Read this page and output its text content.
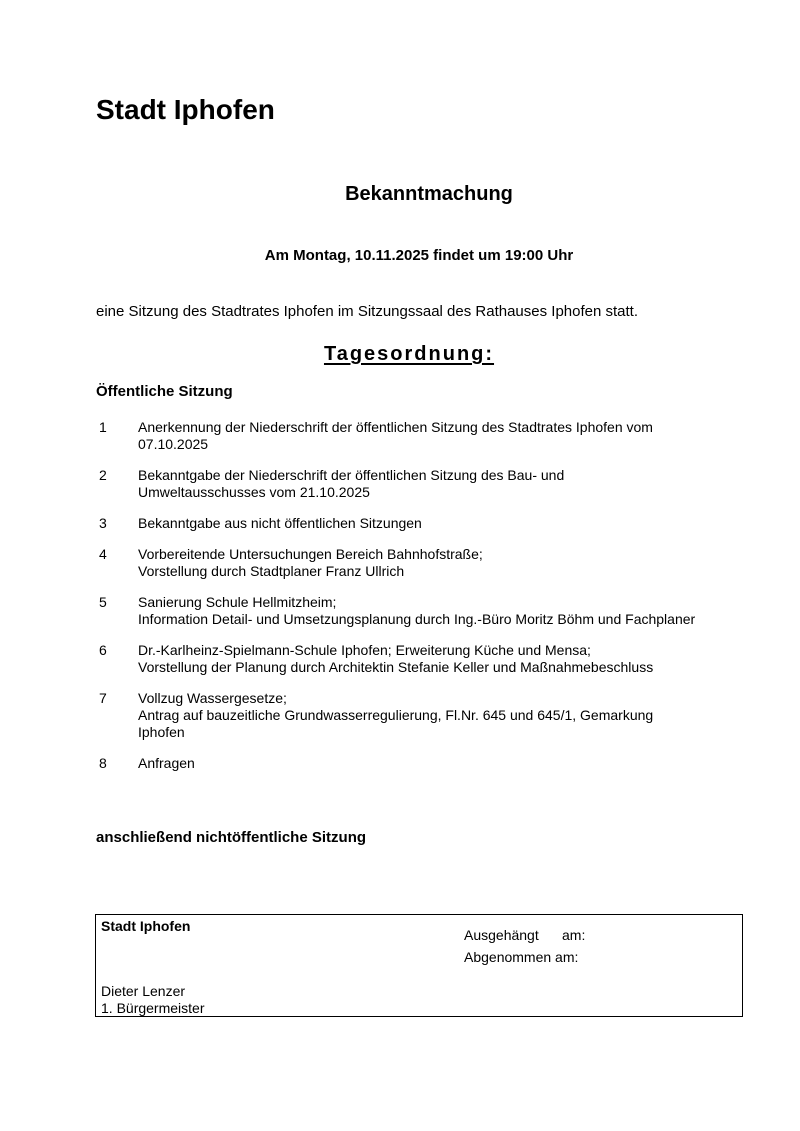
Stadt Iphofen
Bekanntmachung
Am Montag, 10.11.2025 findet um 19:00 Uhr
eine Sitzung des Stadtrates Iphofen im Sitzungssaal des Rathauses Iphofen statt.
Tagesordnung:
Öffentliche Sitzung
1	Anerkennung der Niederschrift der öffentlichen Sitzung des Stadtrates Iphofen vom
07.10.2025
2	Bekanntgabe der Niederschrift der öffentlichen Sitzung des Bau- und
Umweltausschusses vom 21.10.2025
3	Bekanntgabe aus nicht öffentlichen Sitzungen
4	Vorbereitende Untersuchungen Bereich Bahnhofstraße;
Vorstellung durch Stadtplaner Franz Ullrich
5	Sanierung Schule Hellmitzheim;
Information Detail- und Umsetzungsplanung durch Ing.-Büro Moritz Böhm und Fachplaner
6	Dr.-Karlheinz-Spielmann-Schule Iphofen; Erweiterung Küche und Mensa;
Vorstellung der Planung durch Architektin Stefanie Keller und Maßnahmebeschluss
7	Vollzug Wassergesetze;
Antrag auf bauzeitliche Grundwasserregulierung, Fl.Nr. 645 und 645/1, Gemarkung
Iphofen
8	Anfragen
anschließend nichtöffentliche Sitzung
Stadt Iphofen
Ausgehängt am:
Abgenommen am:
Dieter Lenzer
1. Bürgermeister
